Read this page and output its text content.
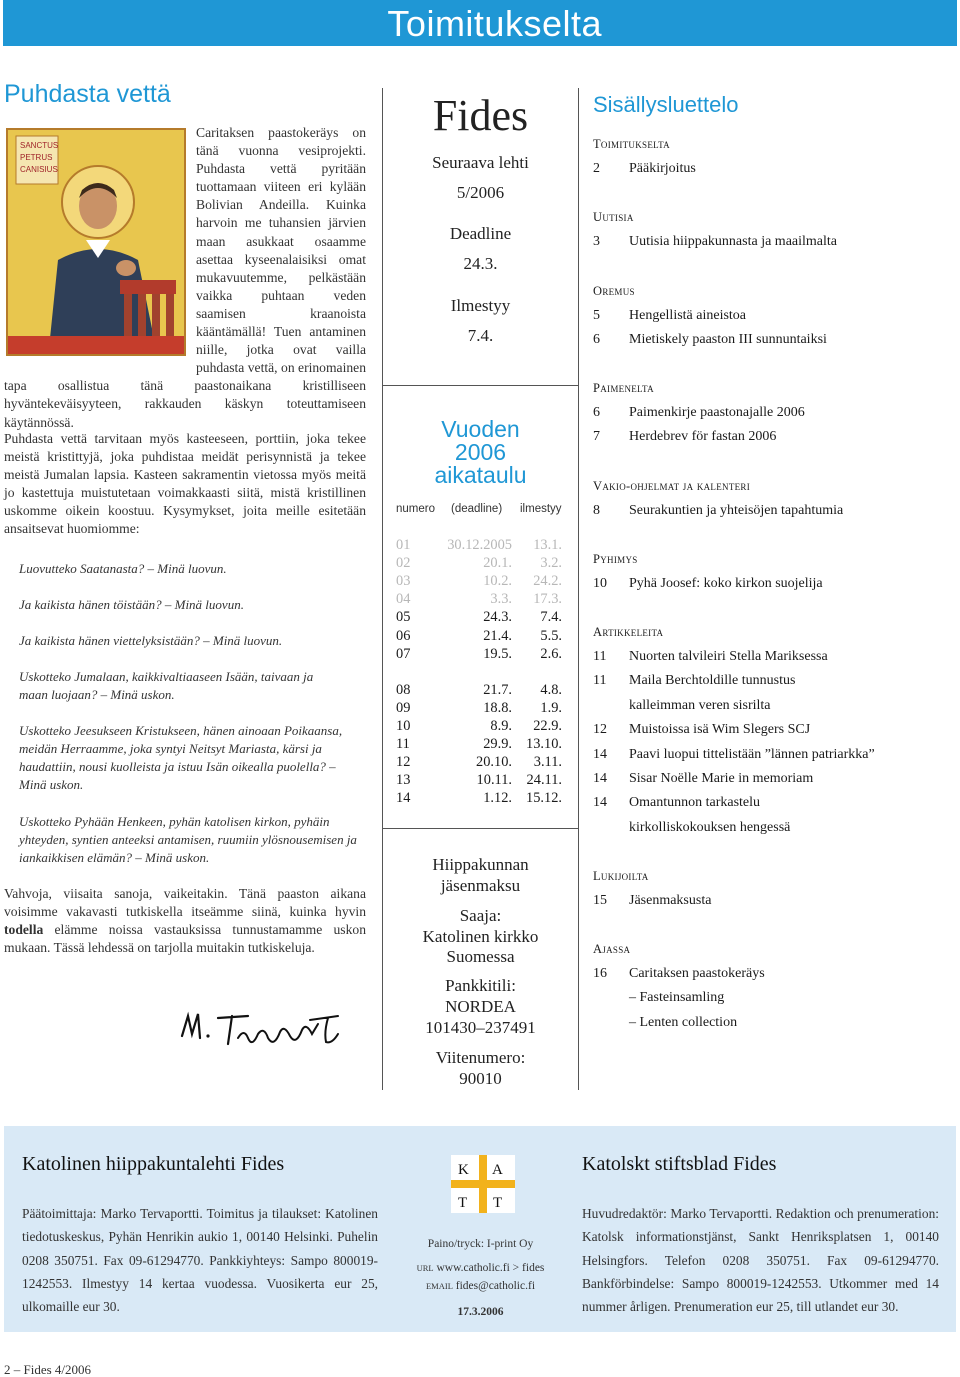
Toimitukselta
Puhdasta vettä

Caritaksen paastokeräys on tänä vuonna vesiprojekti. Puhdasta vettä pyritään tuottamaan viiteen eri kylään Bolivian Andeilla. Kuinka harvoin me tuhansien järvien maan asukkaat osaamme asettaa kyseenalaisiksi omat mukavuutemme, pelkästään vaikka puhtaan veden saamisen kraanoista kääntämällä! Tuen antaminen niille, jotka ovat vailla puhdasta vettä, on erinomainen tapa osallistua tänä paastonaikana kristilliseen hyväntekeväisyyteen, rakkauden käskyn toteuttamiseen käytännössä.

SANCTUS
PETRUS
CANISIUS

Puhdasta vettä tarvitaan myös kasteeseen, porttiin, joka tekee meistä kristittyjä, joka puhdistaa meidät perisynnistä ja tekee meistä Jumalan lapsia. Kasteen sakramentin vietossa myös meitä jo kastettuja muistutetaan voimakkaasti siitä, mistä kristillinen uskomme oikein koostuu. Kysymykset, joita meille esitetään ansaitsevat huomiomme:

Luovutteko Saatanasta? – Minä luovun.
Ja kaikista hänen töistään? – Minä luovun.
Ja kaikista hänen viettelyksistään? – Minä luovun.
Uskotteko Jumalaan, kaikkivaltiaaseen Isään, taivaan ja maan luojaan? – Minä uskon.
Uskotteko Jeesukseen Kristukseen, hänen ainoaan Poikaansa, meidän Herraamme, joka syntyi Neitsyt Mariasta, kärsi ja haudattiin, nousi kuolleista ja istuu Isän oikealla puolella? – Minä uskon.
Uskotteko Pyhään Henkeen, pyhän katolisen kirkon, pyhäin yhteyden, syntien anteeksi antamisen, ruumiin ylösnousemisen ja iankaikkisen elämän? – Minä uskon.

Vahvoja, viisaita sanoja, vaikeitakin. Tänä paaston aikana voisimme vakavasti tutkiskella itseämme siinä, kuinka hyvin todella elämme noissa vastauksissa tunnustamamme uskon mukaan. Tässä lehdessä on tarjolla muitakin tutkiskeluja.

Fides
Seuraava lehti
5/2006
Deadline
24.3.
Ilmestyy
7.4.
Vuoden
2006
aikataulu
numero (deadline) ilmestyy
01	30.12.2005	13.1.
02	20.1.	3.2.
03	10.2.	24.2.
04	3.3.	17.3.
05	24.3.	7.4.
06	21.4.	5.5.
07	19.5.	2.6.
08	21.7.	4.8.
09	18.8.	1.9.
10	8.9.	22.9.
11	29.9. 13.10.
12	20.10.	3.11.
13	10.11.	24.11.
14	1.12. 15.12.
Hiippakunnan
jäsenmaksu
Saaja:
Katolinen kirkko
Suomessa
Pankkitili:
NORDEA
101430–237491
Viitenumero:
90010
Sisällysluettelo
Toimitukselta
2 Pääkirjoitus
Uutisia
3 Uutisia hiippakunnasta ja maailmalta
Oremus
5 Hengellistä aineistoa
6 Mietiskely paaston III sunnuntaiksi
Paimenelta
6 Paimenkirje paastonajalle 2006
7 Herdebrev för fastan 2006
Vakio-ohjelmat ja kalenteri
8 Seurakuntien ja yhteisöjen tapahtumia
Pyhimys
10 Pyhä Joosef: koko kirkon suojelija
Artikkeleita
11 Nuorten talvileiri Stella Mariksessa
11 Maila Berchtoldille tunnustus
kalleimman veren sisrilta
12 Muistoissa isä Wim Slegers SCJ
14 Paavi luopui tittelistään ”lännen patriarkka”
14 Sisar Noëlle Marie in memoriam
14 Omantunnon tarkastelu
kirkolliskokouksen hengessä
Lukijoilta
15 Jäsenmaksusta
Ajassa
16 Caritaksen paastokeräys
– Fasteinsamling
– Lenten collection
Katolinen hiippakuntalehti Fides

Päätoimittaja: Marko Tervaportti. Toimitus ja tilaukset: Katolinen tiedotuskeskus, Pyhän Henrikin aukio 1, 00140 Helsinki. Puhelin 0208 350751. Fax 09-61294770. Pankkiyhteys: Sampo 800019-1242553. Ilmestyy 14 kertaa vuodessa. Vuosikerta eur 25, ulkomaille eur 30.

Katolskt stiftsblad Fides

Huvudredaktör: Marko Tervaportti. Redaktion och prenumeration: Katolsk informationstjänst, Sankt Henriksplatsen 1, 00140 Helsingfors. Telefon 0208 350751. Fax 09-61294770. Bankförbindelse: Sampo 800019-1242553. Utkommer med 14 nummer årligen. Prenumeration eur 25, till utlandet eur 30.

K A
T T
Paino/tryck: I-print Oy
URL www.catholic.fi > fides
EMAIL fides@catholic.fi
17.3.2006
2 – Fides 4/2006
